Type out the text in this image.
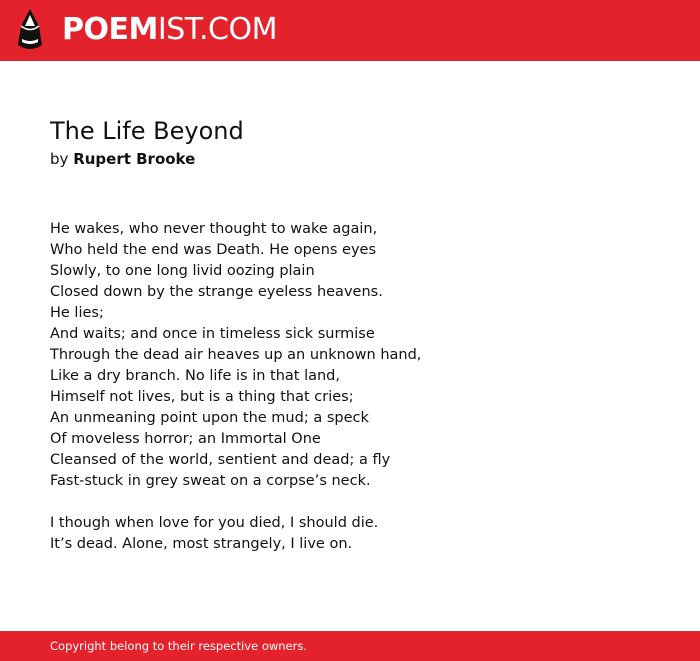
POEMIST.COM
The Life Beyond
by Rupert Brooke
He wakes, who never thought to wake again,
Who held the end was Death. He opens eyes
Slowly, to one long livid oozing plain
Closed down by the strange eyeless heavens.
He lies;
And waits; and once in timeless sick surmise
Through the dead air heaves up an unknown hand,
Like a dry branch. No life is in that land,
Himself not lives, but is a thing that cries;
An unmeaning point upon the mud; a speck
Of moveless horror; an Immortal One
Cleansed of the world, sentient and dead; a fly
Fast-stuck in grey sweat on a corpse’s neck.
I though when love for you died, I should die.
It’s dead. Alone, most strangely, I live on.
Copyright belong to their respective owners.
